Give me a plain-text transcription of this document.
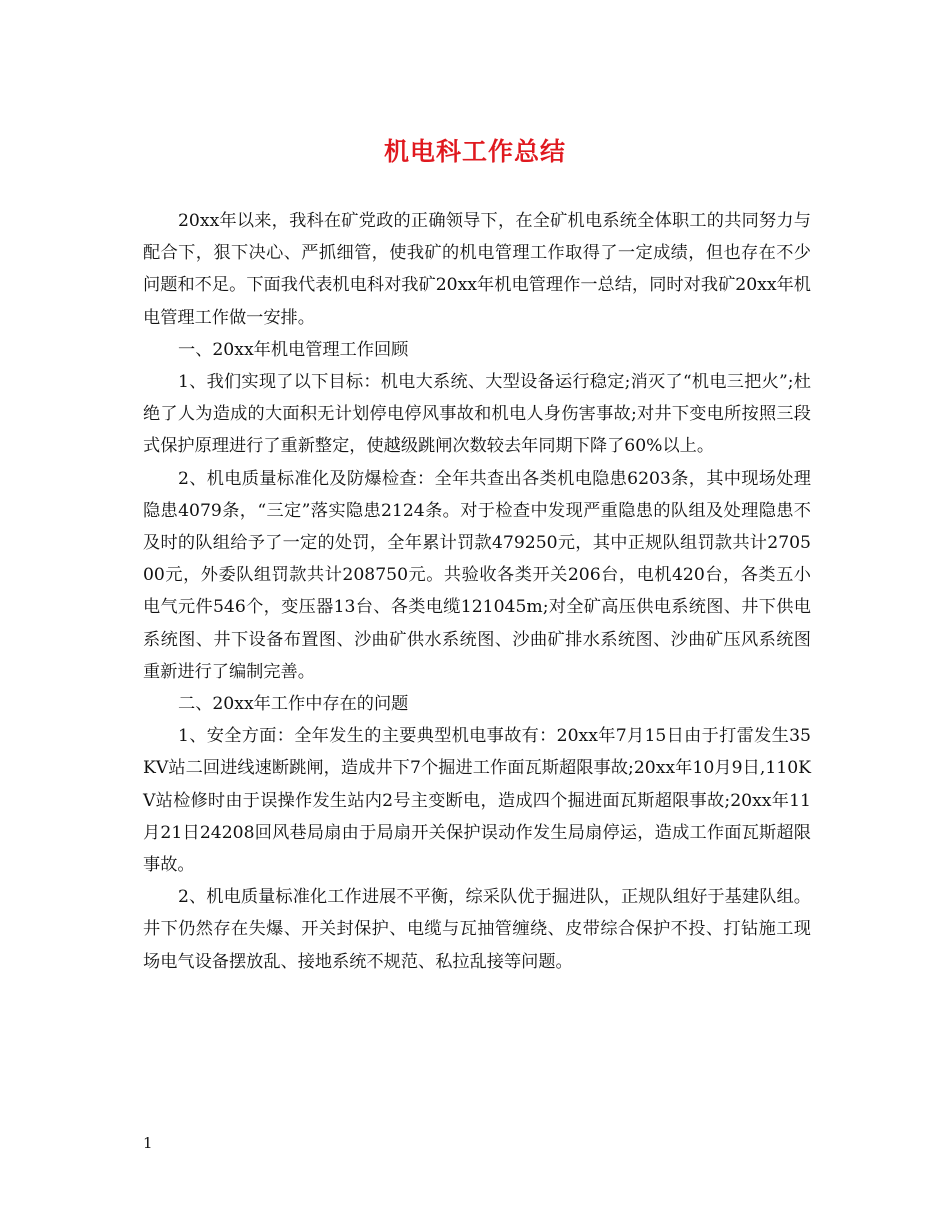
机电科工作总结

20xx年以来，我科在矿党政的正确领导下，在全矿机电系统全体职工的共同努力与配合下，狠下决心、严抓细管，使我矿的机电管理工作取得了一定成绩，但也存在不少问题和不足。下面我代表机电科对我矿20xx年机电管理作一总结，同时对我矿20xx年机电管理工作做一安排。

一、20xx年机电管理工作回顾

1、我们实现了以下目标：机电大系统、大型设备运行稳定;消灭了“机电三把火”;杜绝了人为造成的大面积无计划停电停风事故和机电人身伤害事故;对井下变电所按照三段式保护原理进行了重新整定，使越级跳闸次数较去年同期下降了60%以上。

2、机电质量标准化及防爆检查：全年共查出各类机电隐患6203条，其中现场处理隐患4079条，“三定”落实隐患2124条。对于检查中发现严重隐患的队组及处理隐患不及时的队组给予了一定的处罚，全年累计罚款479250元，其中正规队组罚款共计270500元，外委队组罚款共计208750元。共验收各类开关206台，电机420台，各类五小电气元件546个，变压器13台、各类电缆121045m;对全矿高压供电系统图、井下供电系统图、井下设备布置图、沙曲矿供水系统图、沙曲矿排水系统图、沙曲矿压风系统图重新进行了编制完善。

二、20xx年工作中存在的问题

1、安全方面：全年发生的主要典型机电事故有：20xx年7月15日由于打雷发生35KV站二回进线速断跳闸，造成井下7个掘进工作面瓦斯超限事故;20xx年10月9日,110KV站检修时由于误操作发生站内2号主变断电，造成四个掘进面瓦斯超限事故;20xx年11月21日24208回风巷局扇由于局扇开关保护误动作发生局扇停运，造成工作面瓦斯超限事故。

2、机电质量标准化工作进展不平衡，综采队优于掘进队，正规队组好于基建队组。井下仍然存在失爆、开关封保护、电缆与瓦抽管缠绕、皮带综合保护不投、打钻施工现场电气设备摆放乱、接地系统不规范、私拉乱接等问题。

1
